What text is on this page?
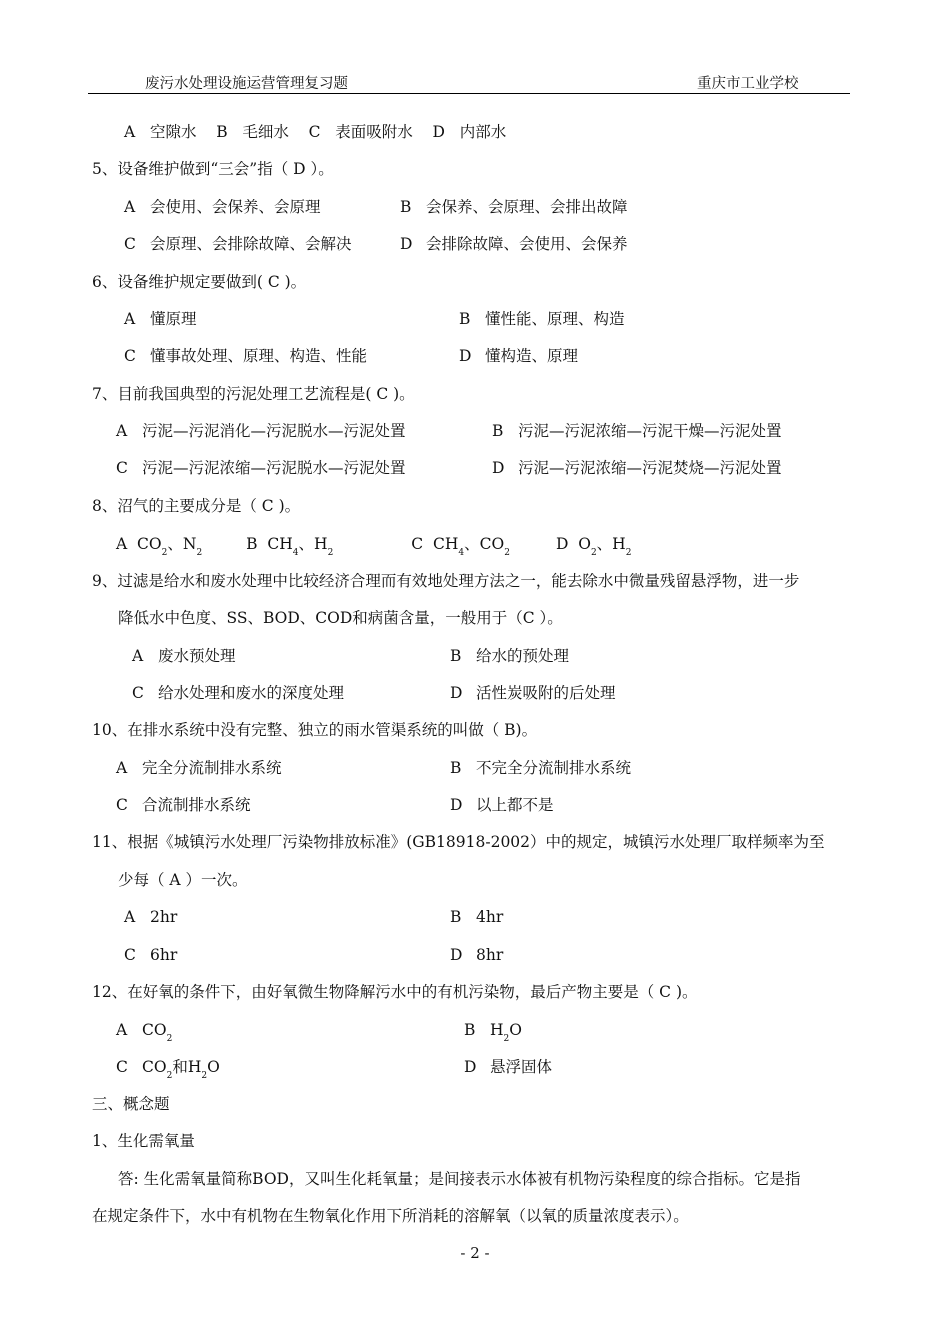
废污水处理设施运营管理复习题	重庆市工业学校
A 空隙水 B 毛细水 C 表面吸附水 D 内部水
5、设备维护做到“三会”指（ D ）。
A 会使用、会保养、会原理	B 会保养、会原理、会排出故障
C 会原理、会排除故障、会解决	D 会排除故障、会使用、会保养
6、设备维护规定要做到( C )。
A 懂原理	B 懂性能、原理、构造
C 懂事故处理、原理、构造、性能	D 懂构造、原理
7、目前我国典型的污泥处理工艺流程是( C )。
A 污泥—污泥消化—污泥脱水—污泥处置	B 污泥—污泥浓缩—污泥干燥—污泥处置
C 污泥—污泥浓缩—污泥脱水—污泥处置	D 污泥—污泥浓缩—污泥焚烧—污泥处置
8、沼气的主要成分是（ C )。
A  $CO_2$、$N_2$	B  $CH_4$、$H_2$	C  $CH_4$、$CO_2$	D  $O_2$、$H_2$
9、过滤是给水和废水处理中比较经济合理而有效地处理方法之一，能去除水中微量残留悬浮物，进一步
降低水中色度、SS、BOD、COD和病菌含量，一般用于（C ）。
A 废水预处理	B 给水的预处理
C 给水处理和废水的深度处理	D 活性炭吸附的后处理
10、在排水系统中没有完整、独立的雨水管渠系统的叫做（ B)。
A 完全分流制排水系统	B 不完全分流制排水系统
C 合流制排水系统	D 以上都不是
11、根据《城镇污水处理厂污染物排放标准》(GB18918-2002）中的规定，城镇污水处理厂取样频率为至
少每（ A ）一次。
A 2hr	B 4hr
C 6hr	D 8hr
12、在好氧的条件下，由好氧微生物降解污水中的有机污染物，最后产物主要是（ C )。
A $CO_2$	B $H_2O$
C $CO_2$和$H_2O$	D 悬浮固体
三、概念题
1、生化需氧量
答: 生化需氧量简称BOD，又叫生化耗氧量；是间接表示水体被有机物污染程度的综合指标。它是指
在规定条件下，水中有机物在生物氧化作用下所消耗的溶解氧（以氧的质量浓度表示）。
- 2 -
